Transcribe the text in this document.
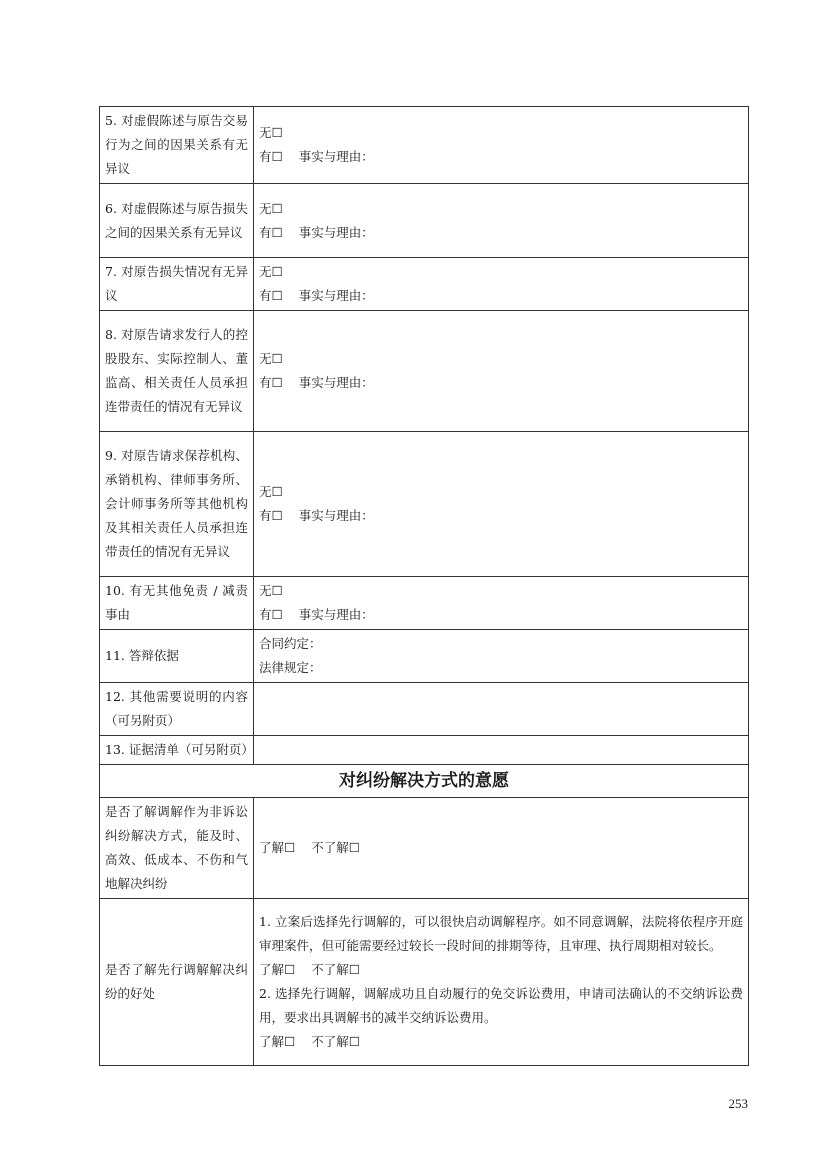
5. 对虚假陈述与原告交易行为之间的因果关系有无异议	无☐
有☐ 事实与理由：

6. 对虚假陈述与原告损失之间的因果关系有无异议	无☐
有☐ 事实与理由：

7. 对原告损失情况有无异议	无☐
有☐ 事实与理由：

8. 对原告请求发行人的控股股东、实际控制人、董监高、相关责任人员承担连带责任的情况有无异议	无☐
有☐ 事实与理由：

9. 对原告请求保荐机构、承销机构、律师事务所、会计师事务所等其他机构及其相关责任人员承担连带责任的情况有无异议	无☐
有☐ 事实与理由：

10. 有无其他免责 / 减责事由	无☐
有☐ 事实与理由：

11. 答辩依据	合同约定：
法律规定：

12. 其他需要说明的内容（可另附页）	
13. 证据清单（可另附页）	
对纠纷解决方式的意愿	
是否了解调解作为非诉讼纠纷解决方式，能及时、高效、低成本、不伤和气地解决纠纷	了解☐ 不了解☐
是否了解先行调解解决纠纷的好处	1. 立案后选择先行调解的，可以很快启动调解程序。如不同意调解，法院将依程序开庭审理案件，但可能需要经过较长一段时间的排期等待，且审理、执行周期相对较长。
了解☐ 不了解☐
2. 选择先行调解，调解成功且自动履行的免交诉讼费用，申请司法确认的不交纳诉讼费用，要求出具调解书的减半交纳诉讼费用。
了解☐ 不了解☐
253
